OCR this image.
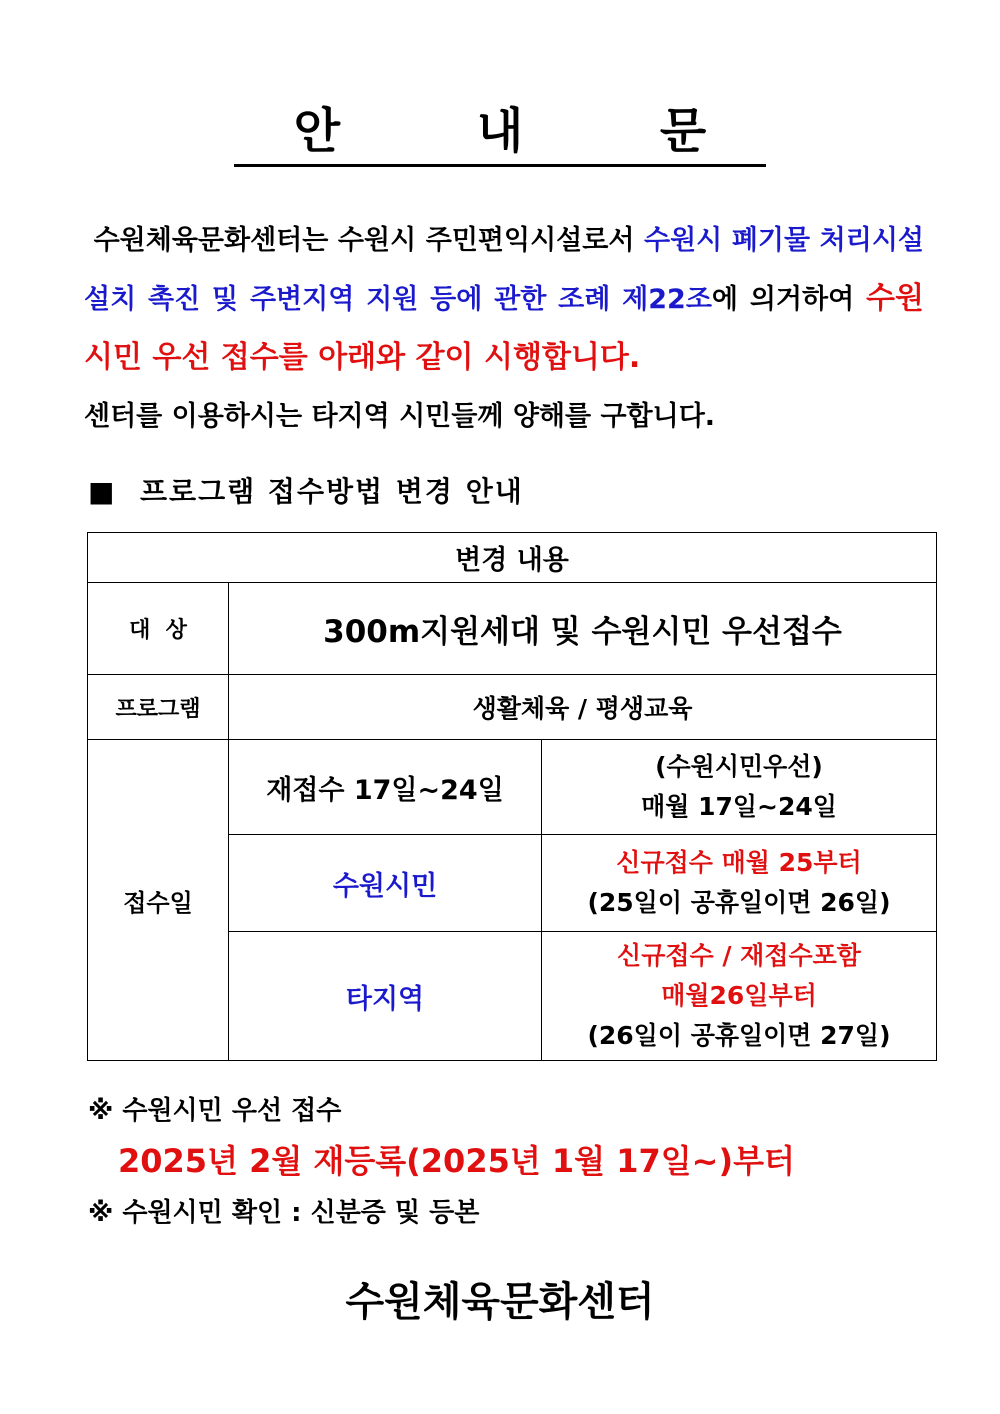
안 내 문

수원체육문화센터는 수원시 주민편익시설로서 수원시 폐기물 처리시설 설치 촉진 및 주변지역 지원 등에 관한 조례 제22조에 의거하여 수원시민 우선 접수를 아래와 같이 시행합니다.

센터를 이용하시는 타지역 시민들께 양해를 구합니다.

■ 프로그램 접수방법 변경 안내
변경 내용		
대  상	300m지원세대 및 수원시민 우선접수	
프로그램	생활체육 / 평생교육	
접수일	재접수 17일~24일	(수원시민우선)
매월 17일~24일

	수원시민	신규접수 매월 25부터
(25일이 공휴일이면 26일)

	타지역	신규접수 / 재접수포함
매월26일부터
(26일이 공휴일이면 27일)
※ 수원시민 우선 접수
2025년 2월 재등록(2025년 1월 17일~)부터
※ 수원시민 확인 : 신분증 및 등본
수원체육문화센터
